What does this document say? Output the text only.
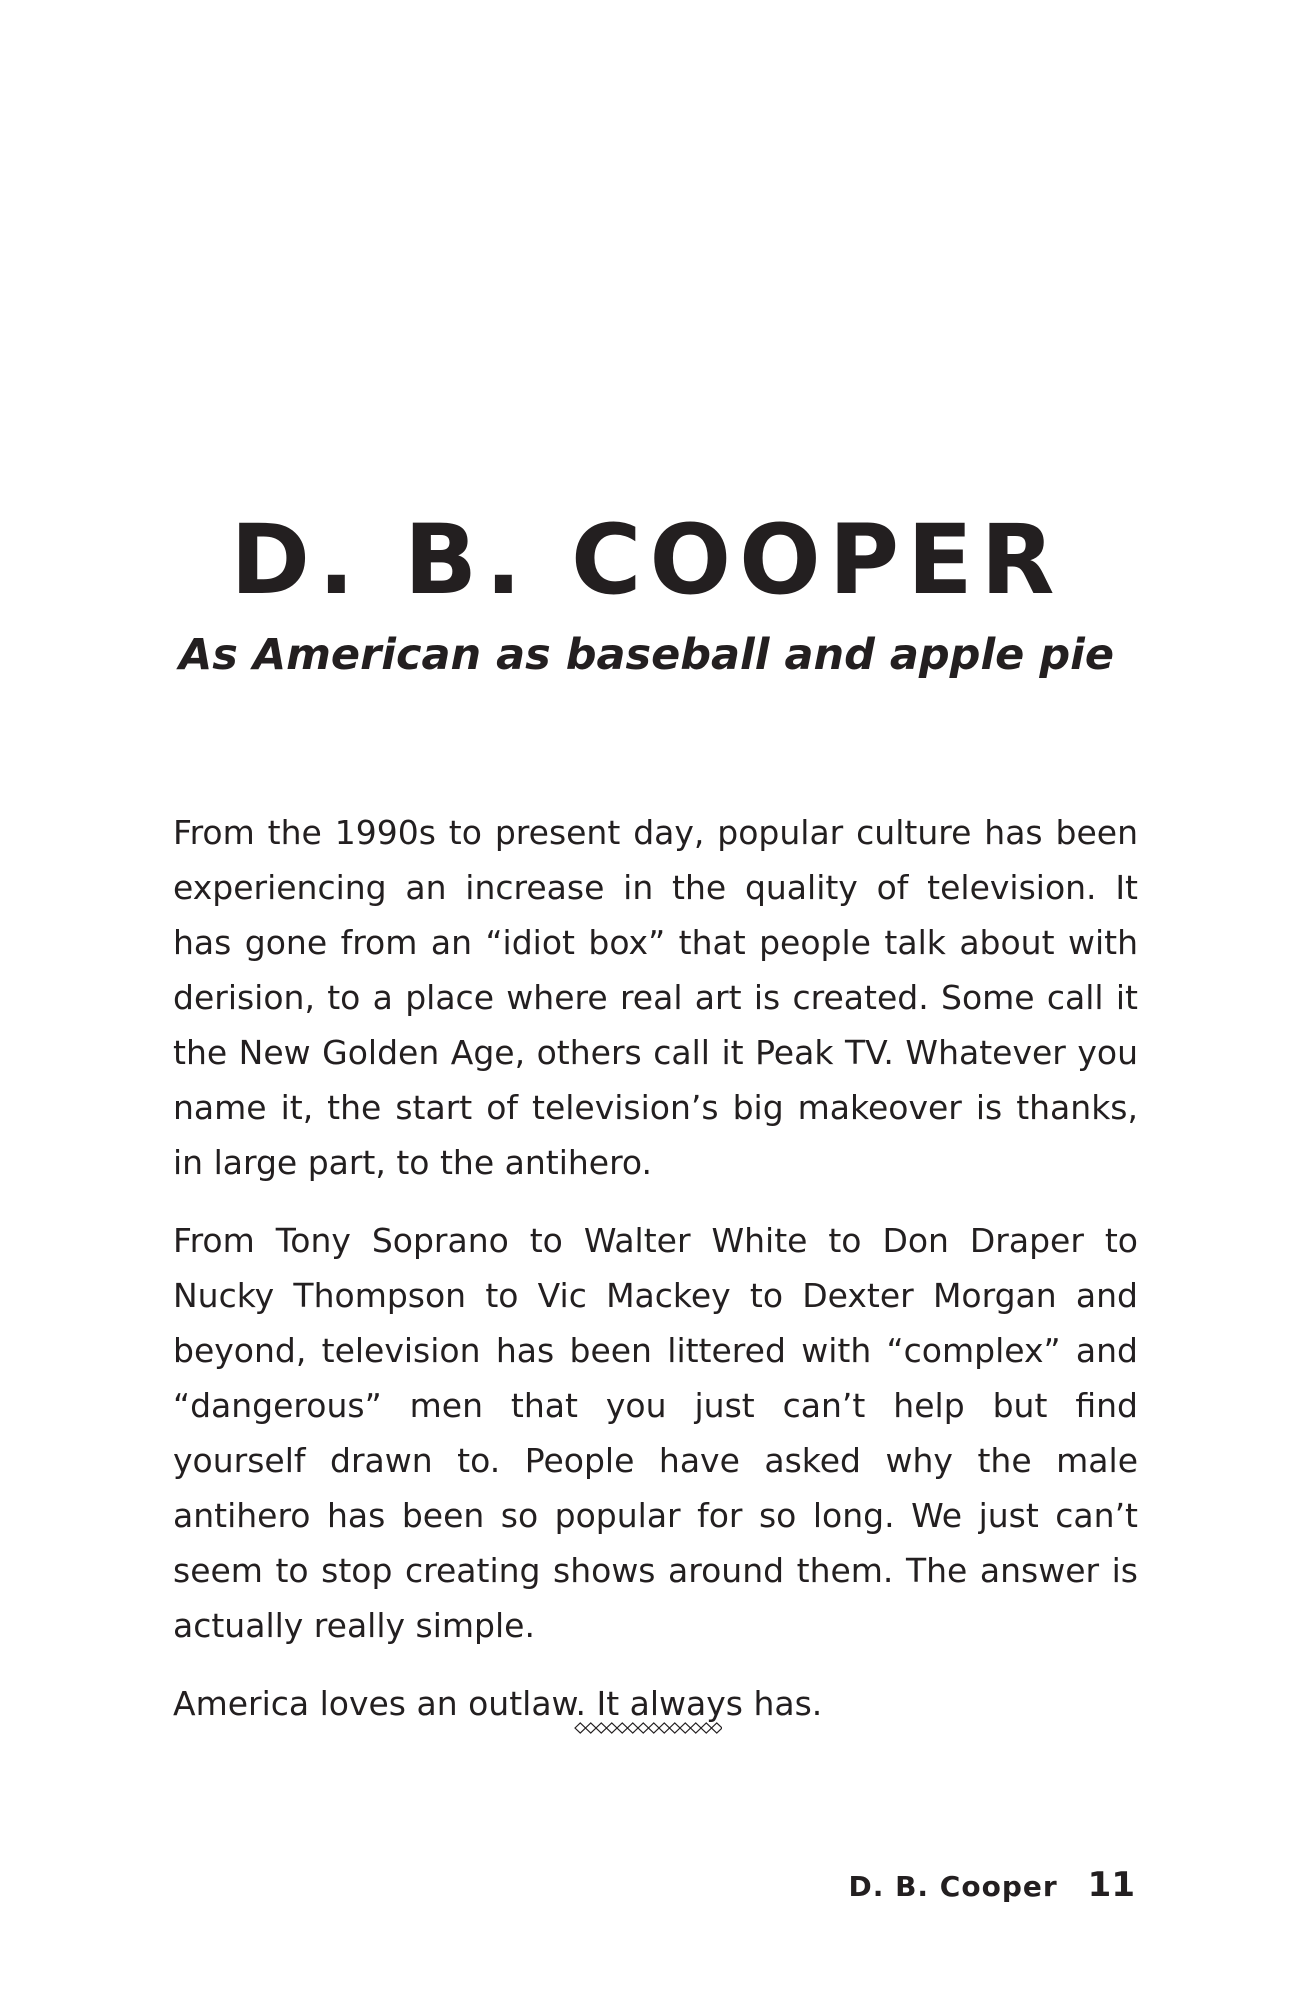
D. B. COOPER
As American as baseball and apple pie

From the 1990s to present day, popular culture has been experiencing an increase in the quality of television. It has gone from an “idiot box” that people talk about with derision, to a place where real art is created. Some call it the New Golden Age, others call it Peak TV. Whatever you name it, the start of television’s big makeover is thanks, in large part, to the antihero.

From Tony Soprano to Walter White to Don Draper to Nucky Thompson to Vic Mackey to Dexter Morgan and beyond, television has been littered with “complex” and “dangerous” men that you just can’t help but find yourself drawn to. People have asked why the male antihero has been so popular for so long. We just can’t seem to stop creating shows around them. The answer is actually really simple.

America loves an outlaw. It always has.

D. B. Cooper 11
